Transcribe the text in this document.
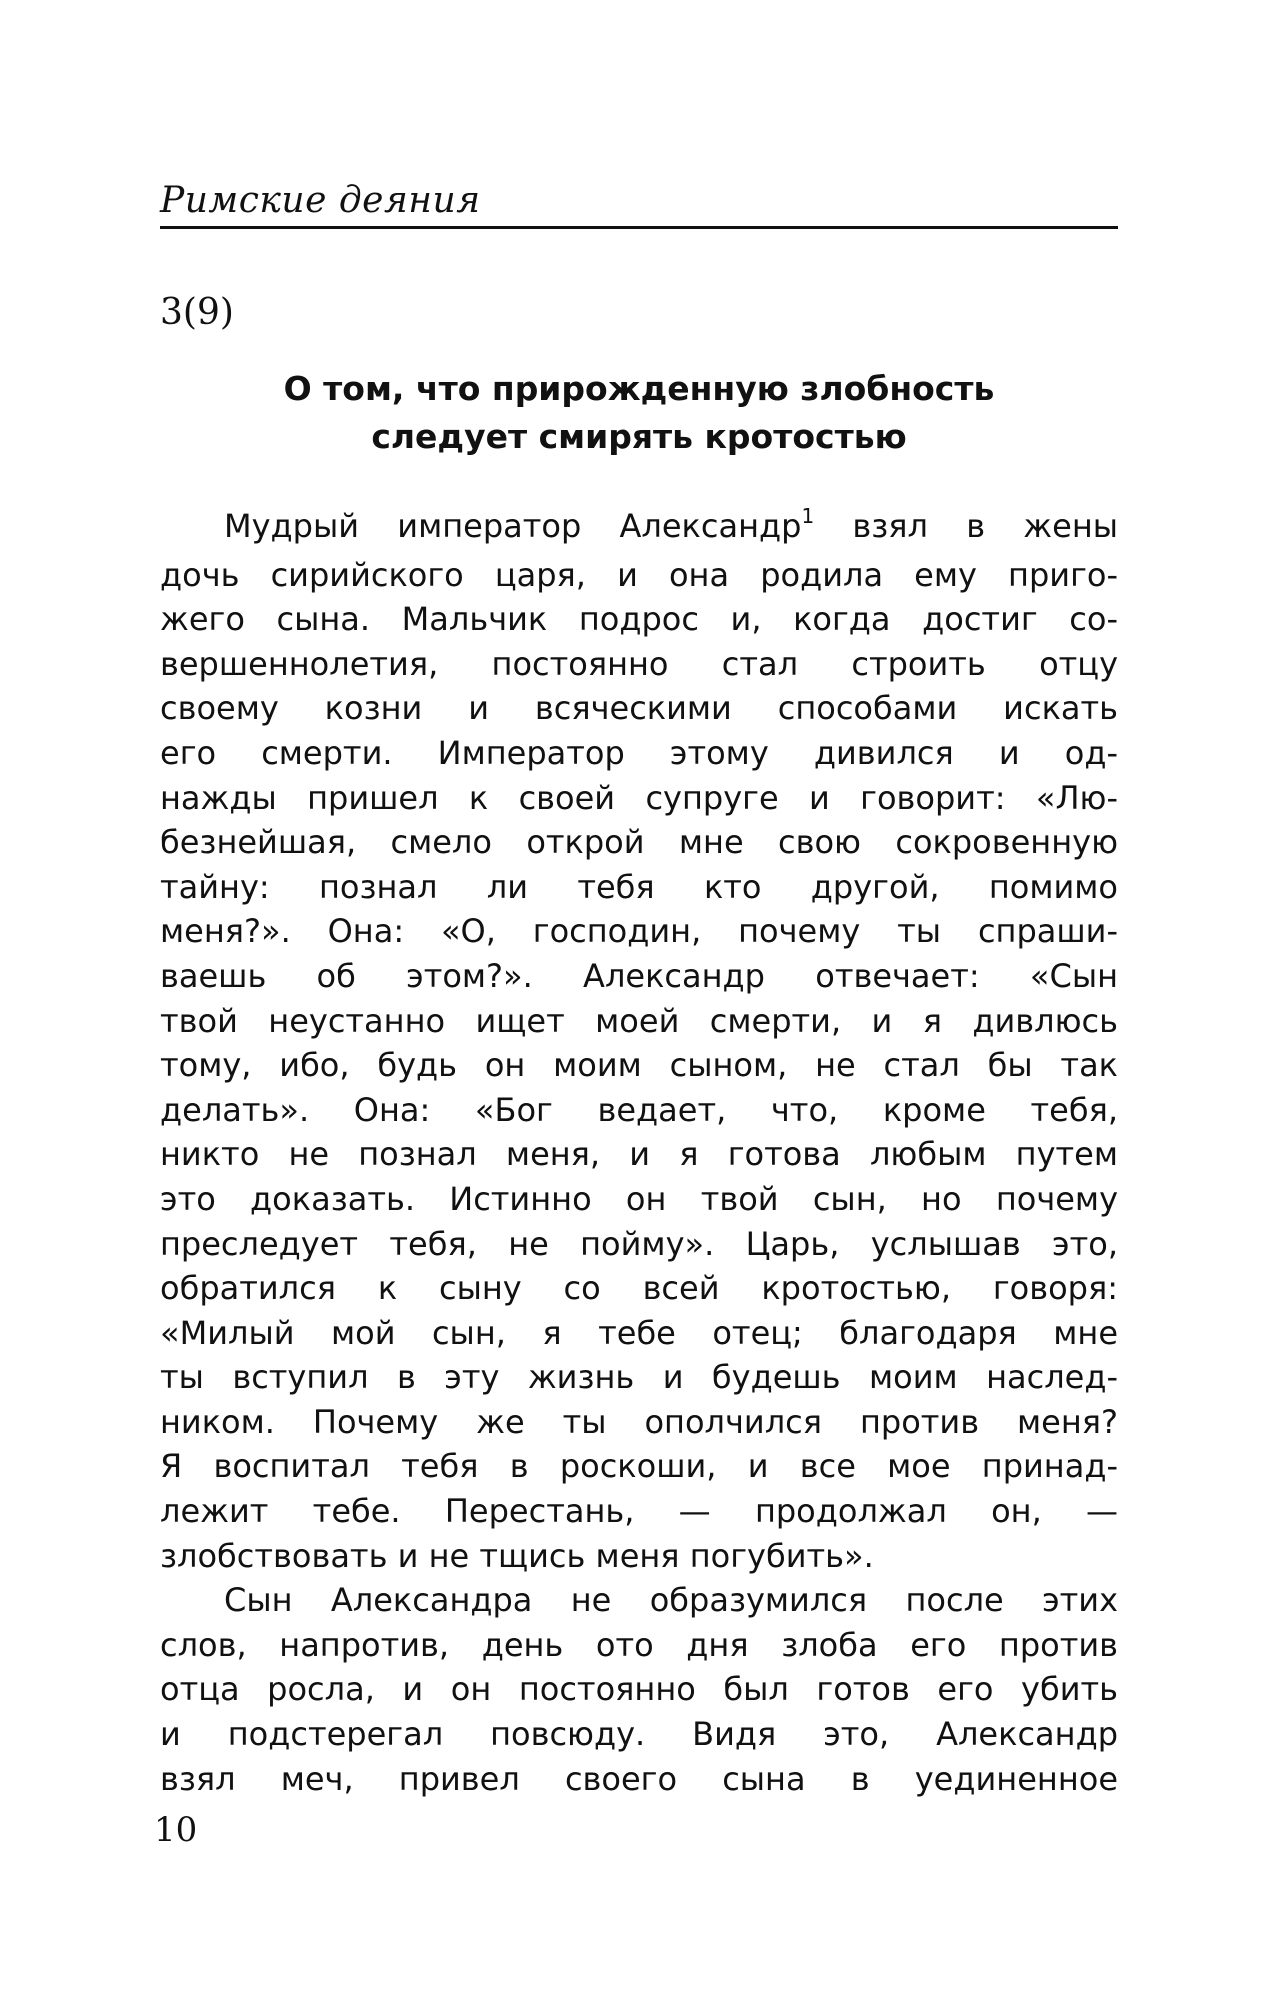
Римские деяния
3(9)
О том, что прирожденную злобность
следует смирять кротостью

Мудрый император Александр$^1$ взял в жены
дочь сирийского царя, и она родила ему приго-
жего сына. Мальчик подрос и, когда достиг со-
вершеннолетия, постоянно стал строить отцу
своему козни и всяческими способами искать
его смерти. Император этому дивился и од-
нажды пришел к своей супруге и говорит: «Лю-
безнейшая, смело открой мне свою сокровенную
тайну: познал ли тебя кто другой, помимо
меня?». Она: «О, господин, почему ты спраши-
ваешь об этом?». Александр отвечает: «Сын
твой неустанно ищет моей смерти, и я дивлюсь
тому, ибо, будь он моим сыном, не стал бы так
делать». Она: «Бог ведает, что, кроме тебя,
никто не познал меня, и я готова любым путем
это доказать. Истинно он твой сын, но почему
преследует тебя, не пойму». Царь, услышав это,
обратился к сыну со всей кротостью, говоря:
«Милый мой сын, я тебе отец; благодаря мне
ты вступил в эту жизнь и будешь моим наслед-
ником. Почему же ты ополчился против меня?
Я воспитал тебя в роскоши, и все мое принад-
лежит тебе. Перестань, — продолжал он, —
злобствовать и не тщись меня погубить».

Сын Александра не образумился после этих
слов, напротив, день ото дня злоба его против
отца росла, и он постоянно был готов его убить
и подстерегал повсюду. Видя это, Александр
взял меч, привел своего сына в уединенное

10
